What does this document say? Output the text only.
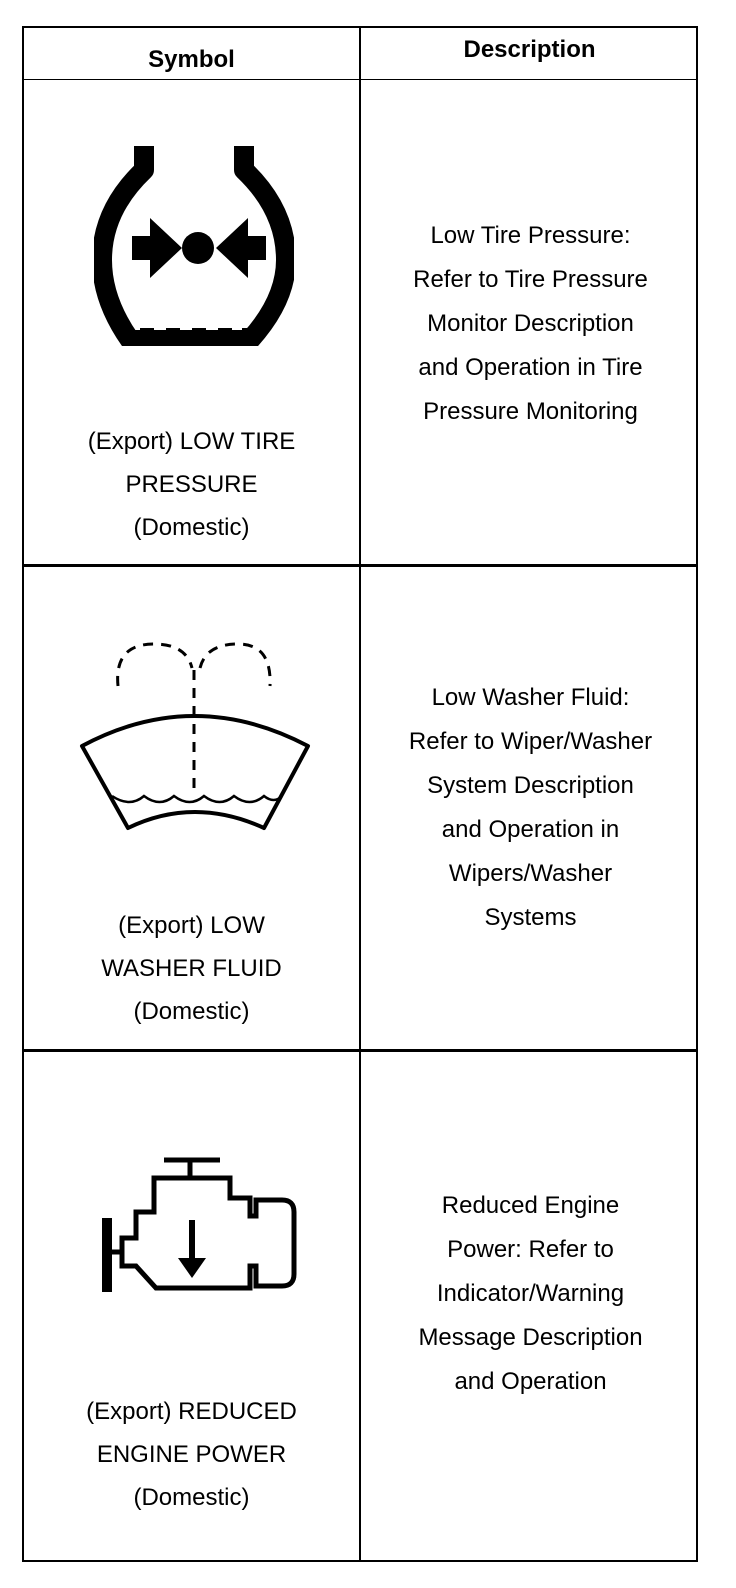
Symbol	Description
(Export) LOW TIRE
PRESSURE
(Domestic)
Low Tire Pressure:
Refer to Tire Pressure
Monitor Description
and Operation in Tire
Pressure Monitoring
(Export) LOW
WASHER FLUID
(Domestic)
Low Washer Fluid:
Refer to Wiper/Washer
System Description
and Operation in
Wipers/Washer
Systems
(Export) REDUCED
ENGINE POWER
(Domestic)
Reduced Engine
Power: Refer to
Indicator/Warning
Message Description
and Operation
